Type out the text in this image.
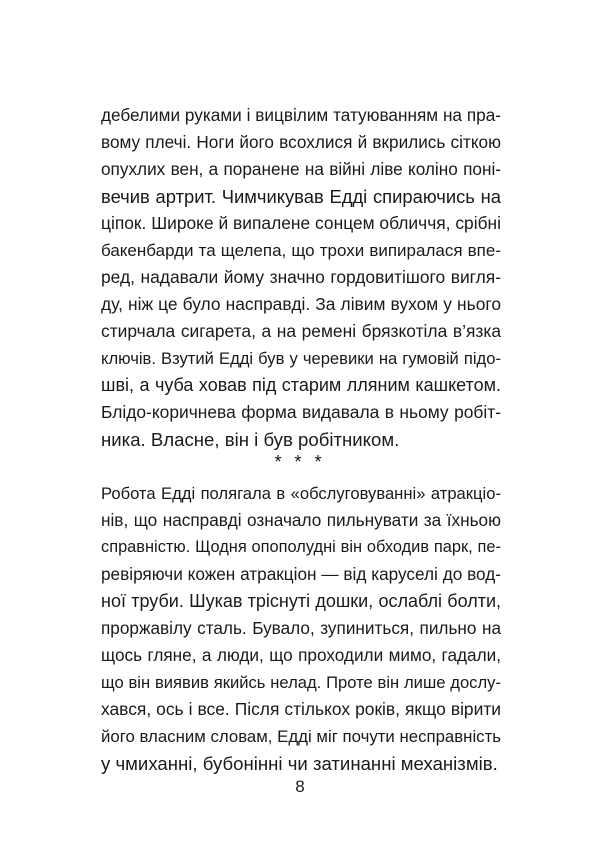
дебелими руками і вицвілим татуюванням на пра-
вому плечі. Ноги його всохлися й вкрились сіткою
опухлих вен, а поранене на війні ліве коліно поні-
вечив артрит. Чимчикував Едді спираючись на
ціпок. Широке й випалене сонцем обличчя, срібні
бакенбарди та щелепа, що трохи випиралася впе-
ред, надавали йому значно гордовитішого вигля-
ду, ніж це було насправді. За лівим вухом у нього
стирчала сигарета, а на ремені брязкотіла в’язка
ключів. Взутий Едді був у черевики на гумовій підо-
шві, а чуба ховав під старим лляним кашкетом.
Блідо-коричнева форма видавала в ньому робіт-
ника. Власне, він і був робітником.
* * *
Робота Едді полягала в «обслуговуванні» атракціо-
нів, що насправді означало пильнувати за їхньою
справністю. Щодня опополудні він обходив парк, пе-
ревіряючи кожен атракціон — від каруселі до вод-
ної труби. Шукав тріснуті дошки, ослаблі болти,
проржавілу сталь. Бувало, зупиниться, пильно на
щось гляне, а люди, що проходили мимо, гадали,
що він виявив якийсь нелад. Проте він лише дослу-
хався, ось і все. Після стількох років, якщо вірити
його власним словам, Едді міг почути несправність
у чмиханні, бубонінні чи затинанні механізмів.
8
